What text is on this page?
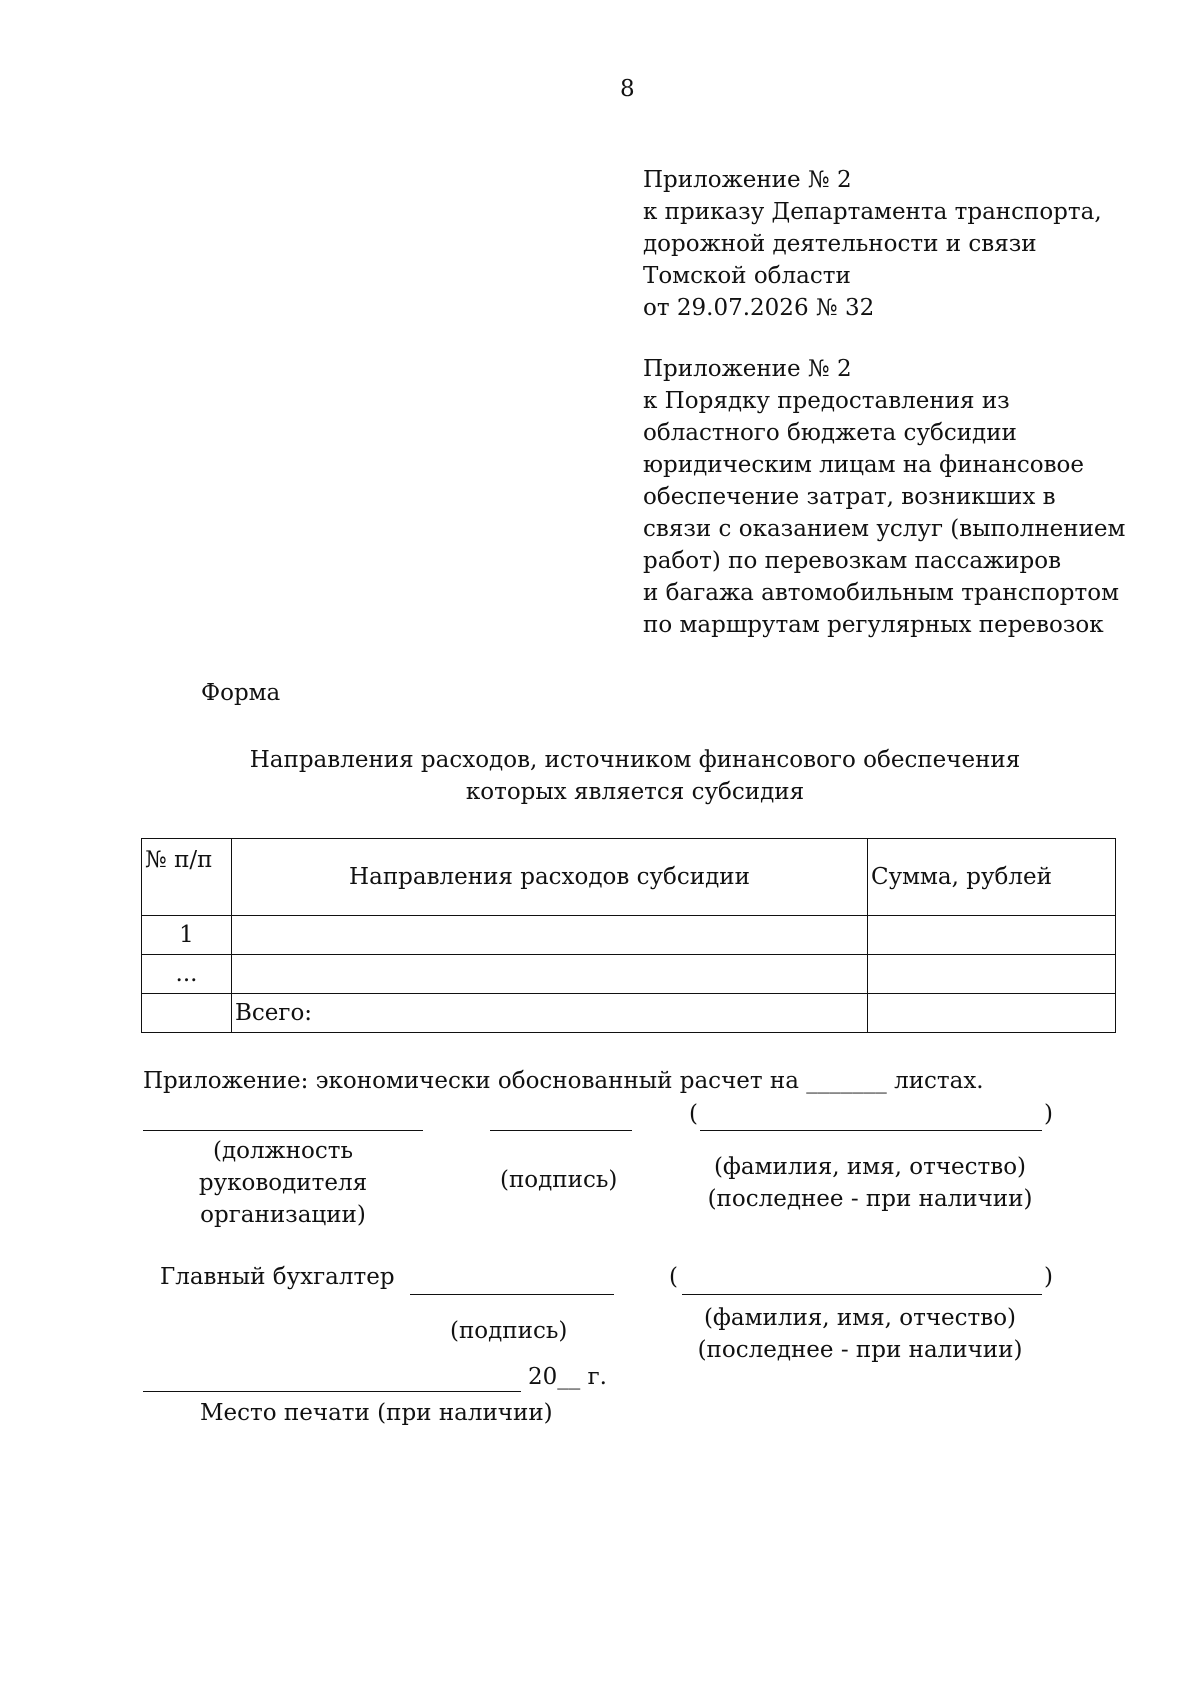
8
Приложение № 2
к приказу Департамента транспорта,
дорожной деятельности и связи
Томской области
от 29.07.2026 № 32
Приложение № 2
к Порядку предоставления из
областного бюджета субсидии
юридическим лицам на финансовое
обеспечение затрат, возникших в
связи с оказанием услуг (выполнением
работ) по перевозкам пассажиров
и багажа автомобильным транспортом
по маршрутам регулярных перевозок
Форма
Направления расходов, источником финансового обеспечения
которых является субсидия
№ п/п	Направления расходов субсидии	Сумма, рублей
1		
...		
	Всего:	
Приложение: экономически обоснованный расчет на _______ листах.
(	)
(должность
руководителя
организации)
(подпись)	(фамилия, имя, отчество)
(последнее - при наличии)
Главный бухгалтер	(	)
(подпись)	(фамилия, имя, отчество)
(последнее - при наличии)
20__ г.
Место печати (при наличии)
